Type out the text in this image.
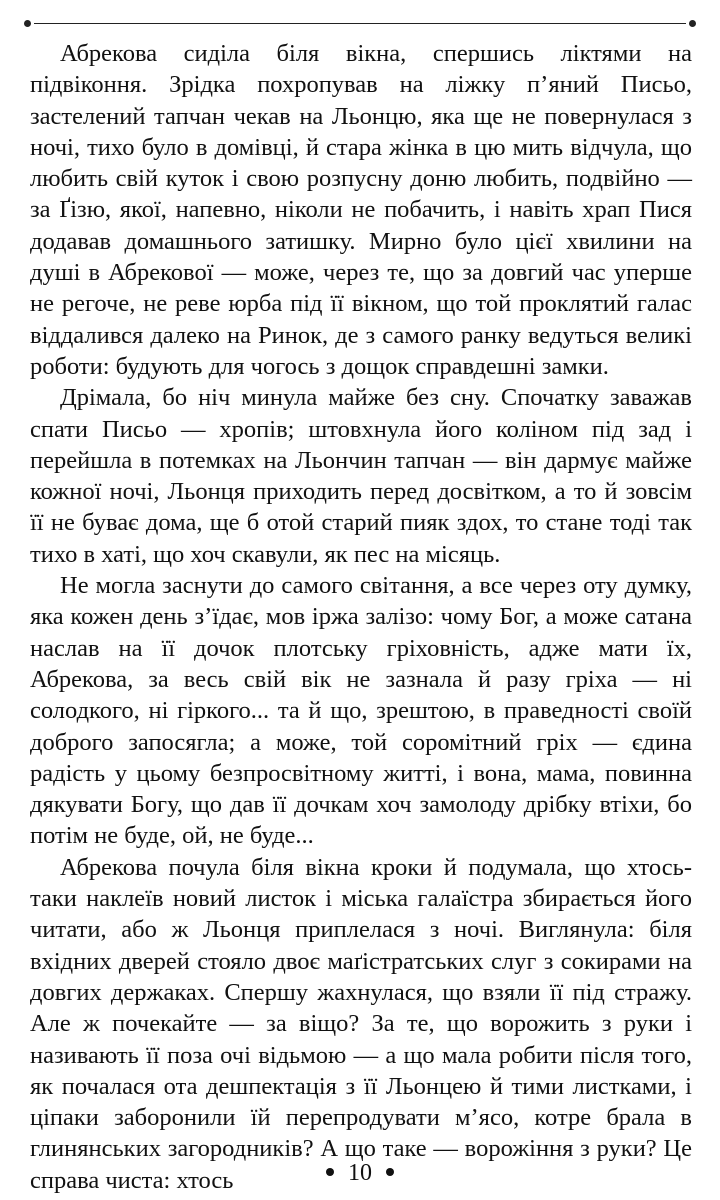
Абрекова сиділа біля вікна, спершись ліктями на підвіконня. Зрідка похропував на ліжку п’яний Письо, застелений тапчан чекав на Льонцю, яка ще не повернулася з ночі, тихо було в домівці, й стара жінка в цю мить відчула, що любить свій куток і свою розпусну доню любить, подвійно — за Ґізю, якої, напевно, ніколи не побачить, і навіть храп Пися додавав домашнього затишку. Мирно було цієї хвилини на душі в Абрекової — може, через те, що за довгий час уперше не регоче, не реве юрба під її вікном, що той проклятий галас віддалився далеко на Ринок, де з самого ранку ведуться великі роботи: будують для чогось з дощок справдешні замки.

Дрімала, бо ніч минула майже без сну. Спочатку заважав спати Письо — хропів; штовхнула його коліном під зад і перейшла в потемках на Льончин тапчан — він дармує майже кожної ночі, Льонця приходить перед досвітком, а то й зовсім її не буває дома, ще б отой старий пияк здох, то стане тоді так тихо в хаті, що хоч скавули, як пес на місяць.

Не могла заснути до самого світання, а все через оту думку, яка кожен день з’їдає, мов іржа залізо: чому Бог, а може сатана наслав на її дочок плотську гріховність, адже мати їх, Абрекова, за весь свій вік не зазнала й разу гріха — ні солодкого, ні гіркого... та й що, зрештою, в праведності своїй доброго запосягла; а може, той соромітний гріх — єдина радість у цьому безпросвітному житті, і вона, мама, повинна дякувати Богу, що дав її дочкам хоч замолоду дрібку втіхи, бо потім не буде, ой, не буде...

Абрекова почула біля вікна кроки й подумала, що хтось-таки наклеїв новий листок і міська галаїстра збирається його читати, або ж Льонця приплелася з ночі. Виглянула: біля вхідних дверей стояло двоє маґістратських слуг з сокирами на довгих держаках. Спершу жахнулася, що взяли її під стражу. Але ж почекайте — за віщо? За те, що ворожить з руки і називають її поза очі відьмою — а що мала робити після того, як почалася ота дешпектація з її Льонцею й тими листками, і ціпаки заборонили їй перепродувати м’ясо, котре брала в глинянських загородників? А що таке — ворожіння з руки? Це справа чиста: хтось	10
